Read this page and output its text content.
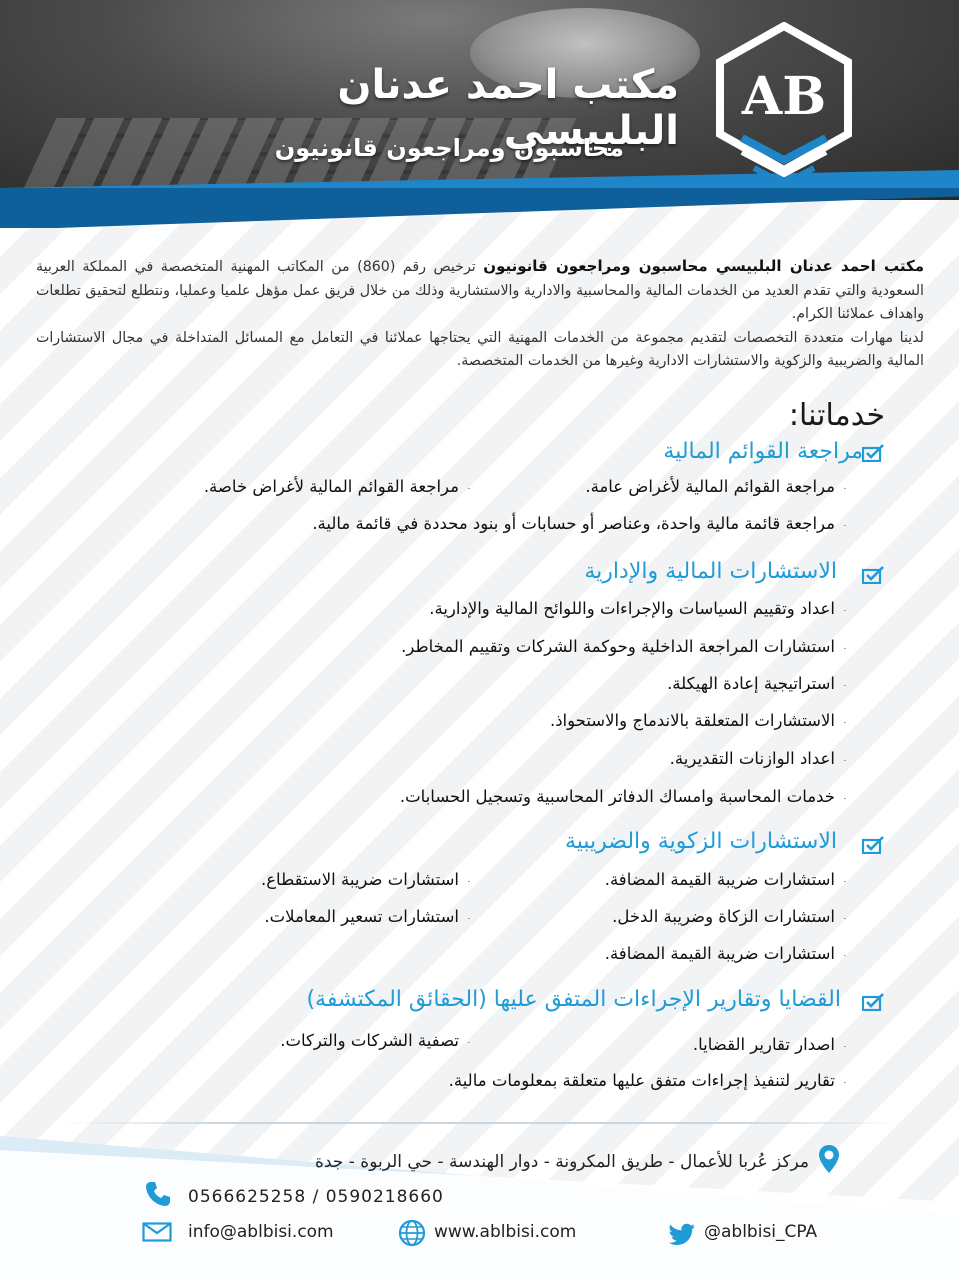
مكتب احمد عدنان البلبيسي
محاسبون ومراجعون قانونيون
AB
مكتب احمد عدنان البلبيسي محاسبون ومراجعون قانونيون ترخيص رقم (860) من المكاتب المهنية المتخصصة في المملكة العربية السعودية والتي تقدم العديد من الخدمات المالية والمحاسبية والادارية والاستشارية وذلك من خلال فريق عمل مؤهل علميا وعمليا، ونتطلع لتحقيق تطلعات واهداف عملائنا الكرام.
لدينا مهارات متعددة التخصصات لتقديم مجموعة من الخدمات المهنية التي يحتاجها عملائنا في التعامل مع المسائل المتداخلة في مجال الاستشارات المالية والضريبية والزكوية والاستشارات الادارية وغيرها من الخدمات المتخصصة.
خدماتنا:
مراجعة القوائم المالية
مراجعة القوائم المالية لأغراض عامة.
مراجعة القوائم المالية لأغراض خاصة.
مراجعة قائمة مالية واحدة، وعناصر أو حسابات أو بنود محددة في قائمة مالية.
الاستشارات المالية والإدارية
اعداد وتقييم السياسات والإجراءات واللوائح المالية والإدارية.
استشارات المراجعة الداخلية وحوكمة الشركات وتقييم المخاطر.
استراتيجية إعادة الهيكلة.
الاستشارات المتعلقة بالاندماج والاستحواذ.
اعداد الوازنات التقديرية.
خدمات المحاسبة وامساك الدفاتر المحاسبية وتسجيل الحسابات.
الاستشارات الزكوية والضريبية
استشارات ضريبة القيمة المضافة.
استشارات ضريبة الاستقطاع.
استشارات الزكاة وضريبة الدخل.
استشارات تسعير المعاملات.
استشارات ضريبة القيمة المضافة.
القضايا وتقارير الإجراءات المتفق عليها (الحقائق المكتشفة)
اصدار تقارير القضايا.
تصفية الشركات والتركات.
تقارير لتنفيذ إجراءات متفق عليها متعلقة بمعلومات مالية.
مركز عُربا للأعمال - طريق المكرونة - دوار الهندسة - حي الربوة - جدة
0566625258 / 0590218660
info@ablbisi.com	www.ablbisi.com	@ablbisi_CPA
